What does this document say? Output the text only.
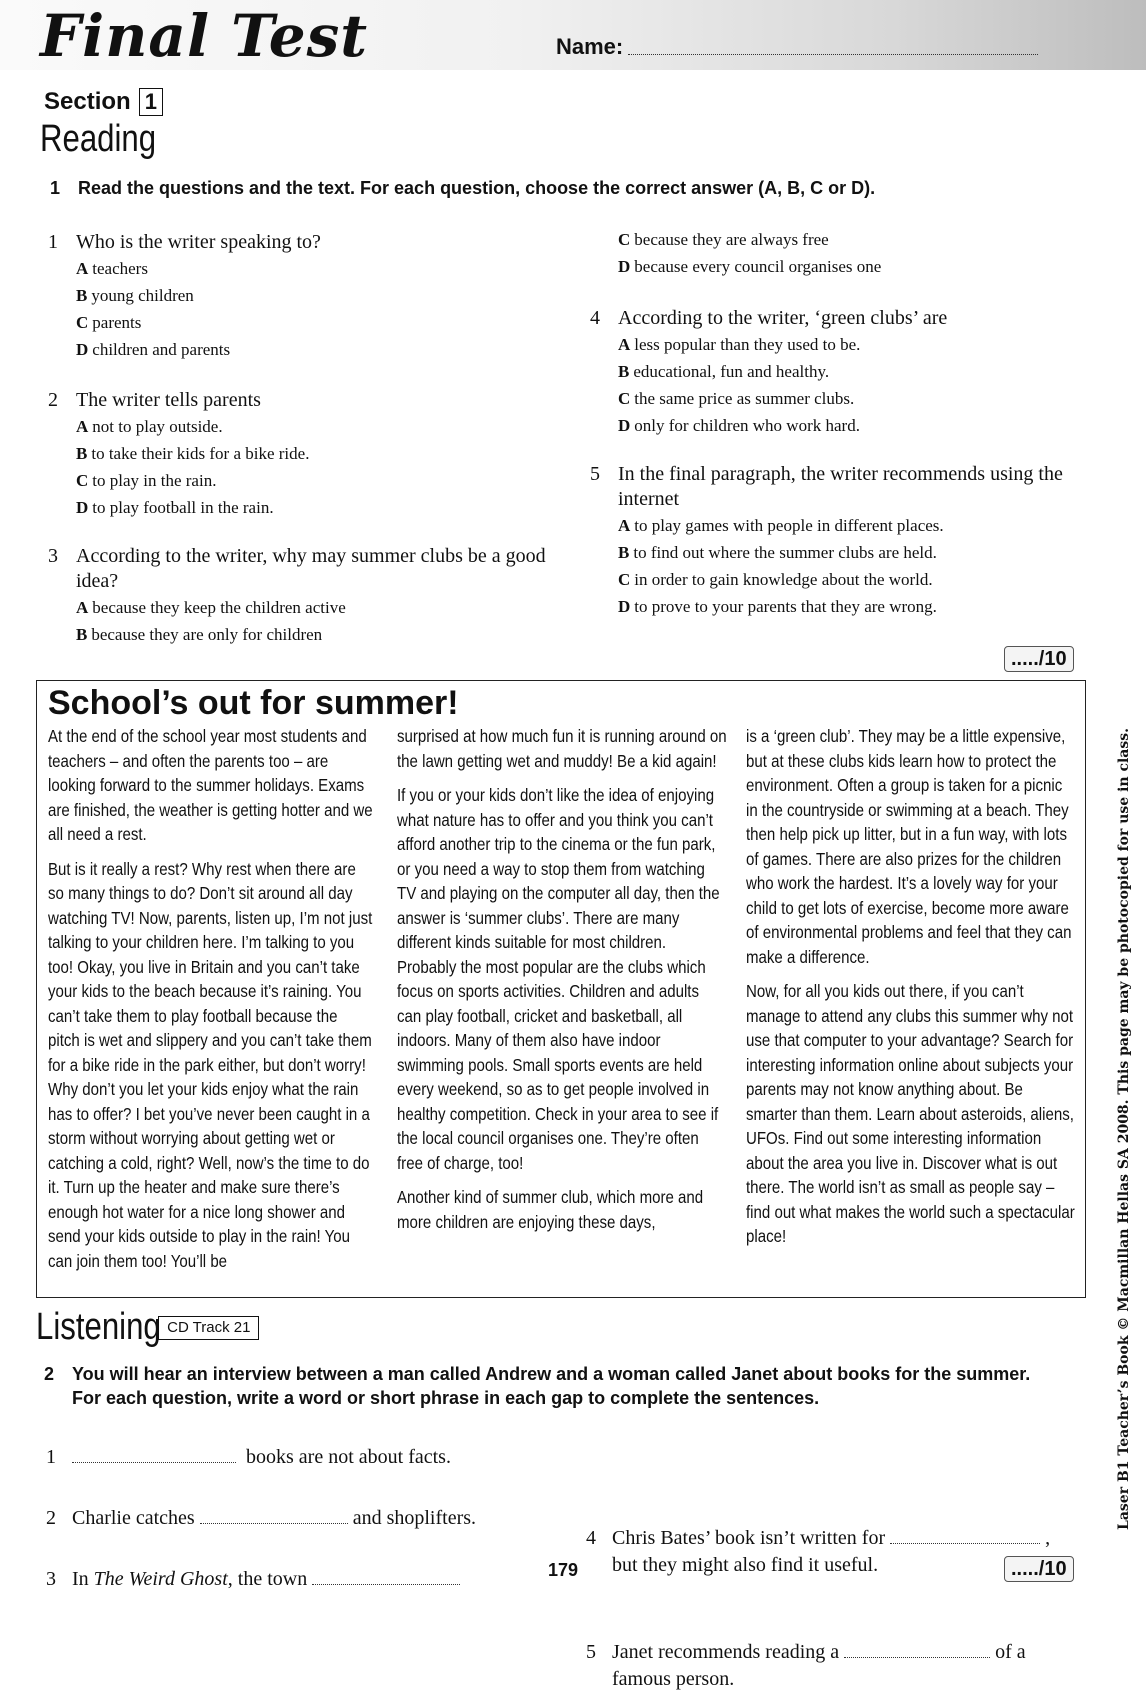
Final Test	Name:
Section 1
Reading
1 Read the questions and the text. For each question, choose the correct answer (A, B, C or D).
1 Who is the writer speaking to?
A teachers
B young children
C parents
D children and parents
2 The writer tells parents
A not to play outside.
B to take their kids for a bike ride.
C to play in the rain.
D to play football in the rain.
3 According to the writer, why may summer clubs be a good idea?
A because they keep the children active
B because they are only for children
C because they are always free
D because every council organises one
4 According to the writer, ‘green clubs’ are
A less popular than they used to be.
B educational, fun and healthy.
C the same price as summer clubs.
D only for children who work hard.
5 In the final paragraph, the writer recommends using the internet
A to play games with people in different places.
B to find out where the summer clubs are held.
C in order to gain knowledge about the world.
D to prove to your parents that they are wrong.
...../10
School’s out for summer!

At the end of the school year most students and teachers – and often the parents too – are looking forward to the summer holidays. Exams are finished, the weather is getting hotter and we all need a rest.

But is it really a rest? Why rest when there are so many things to do? Don’t sit around all day watching TV! Now, parents, listen up, I’m not just talking to your children here. I’m talking to you too! Okay, you live in Britain and you can’t take your kids to the beach because it’s raining. You can’t take them to play football because the pitch is wet and slippery and you can’t take them for a bike ride in the park either, but don’t worry! Why don’t you let your kids enjoy what the rain has to offer? I bet you’ve never been caught in a storm without worrying about getting wet or catching a cold, right? Well, now’s the time to do it. Turn up the heater and make sure there’s enough hot water for a nice long shower and send your kids outside to play in the rain! You can join them too! You’ll be

surprised at how much fun it is running around on the lawn getting wet and muddy! Be a kid again!

If you or your kids don’t like the idea of enjoying what nature has to offer and you think you can’t afford another trip to the cinema or the fun park, or you need a way to stop them from watching TV and playing on the computer all day, then the answer is ‘summer clubs’. There are many different kinds suitable for most children. Probably the most popular are the clubs which focus on sports activities. Children and adults can play football, cricket and basketball, all indoors. Many of them also have indoor swimming pools. Small sports events are held every weekend, so as to get people involved in healthy competition. Check in your area to see if the local council organises one. They’re often free of charge, too!

Another kind of summer club, which more and more children are enjoying these days,

is a ‘green club’. They may be a little expensive, but at these clubs kids learn how to protect the environment. Often a group is taken for a picnic in the countryside or swimming at a beach. They then help pick up litter, but in a fun way, with lots of games. There are also prizes for the children who work the hardest. It’s a lovely way for your child to get lots of exercise, become more aware of environmental problems and feel that they can make a difference.

Now, for all you kids out there, if you can’t manage to attend any clubs this summer why not use that computer to your advantage? Search for interesting information online about subjects your parents may not know anything about. Be smarter than them. Learn about asteroids, aliens, UFOs. Find out some interesting information about the area you live in. Discover what is out there. The world isn’t as small as people say – find out what makes the world such a spectacular place!

Listening CD Track 21
2 You will hear an interview between a man called Andrew and a woman called Janet about books for the summer. For each question, write a word or short phrase in each gap to complete the sentences.
1	books are not about facts.
2 Charlie catches	and shoplifters.
3 In The Weird Ghost, the town
4 Chris Bates’ book isn’t written for	,
but they might also find it useful.
5 Janet recommends reading a	of a
famous person.
...../10
179
Laser B1 Teacher’s Book © Macmillan Hellas SA 2008. This page may be photocopied for use in class.
